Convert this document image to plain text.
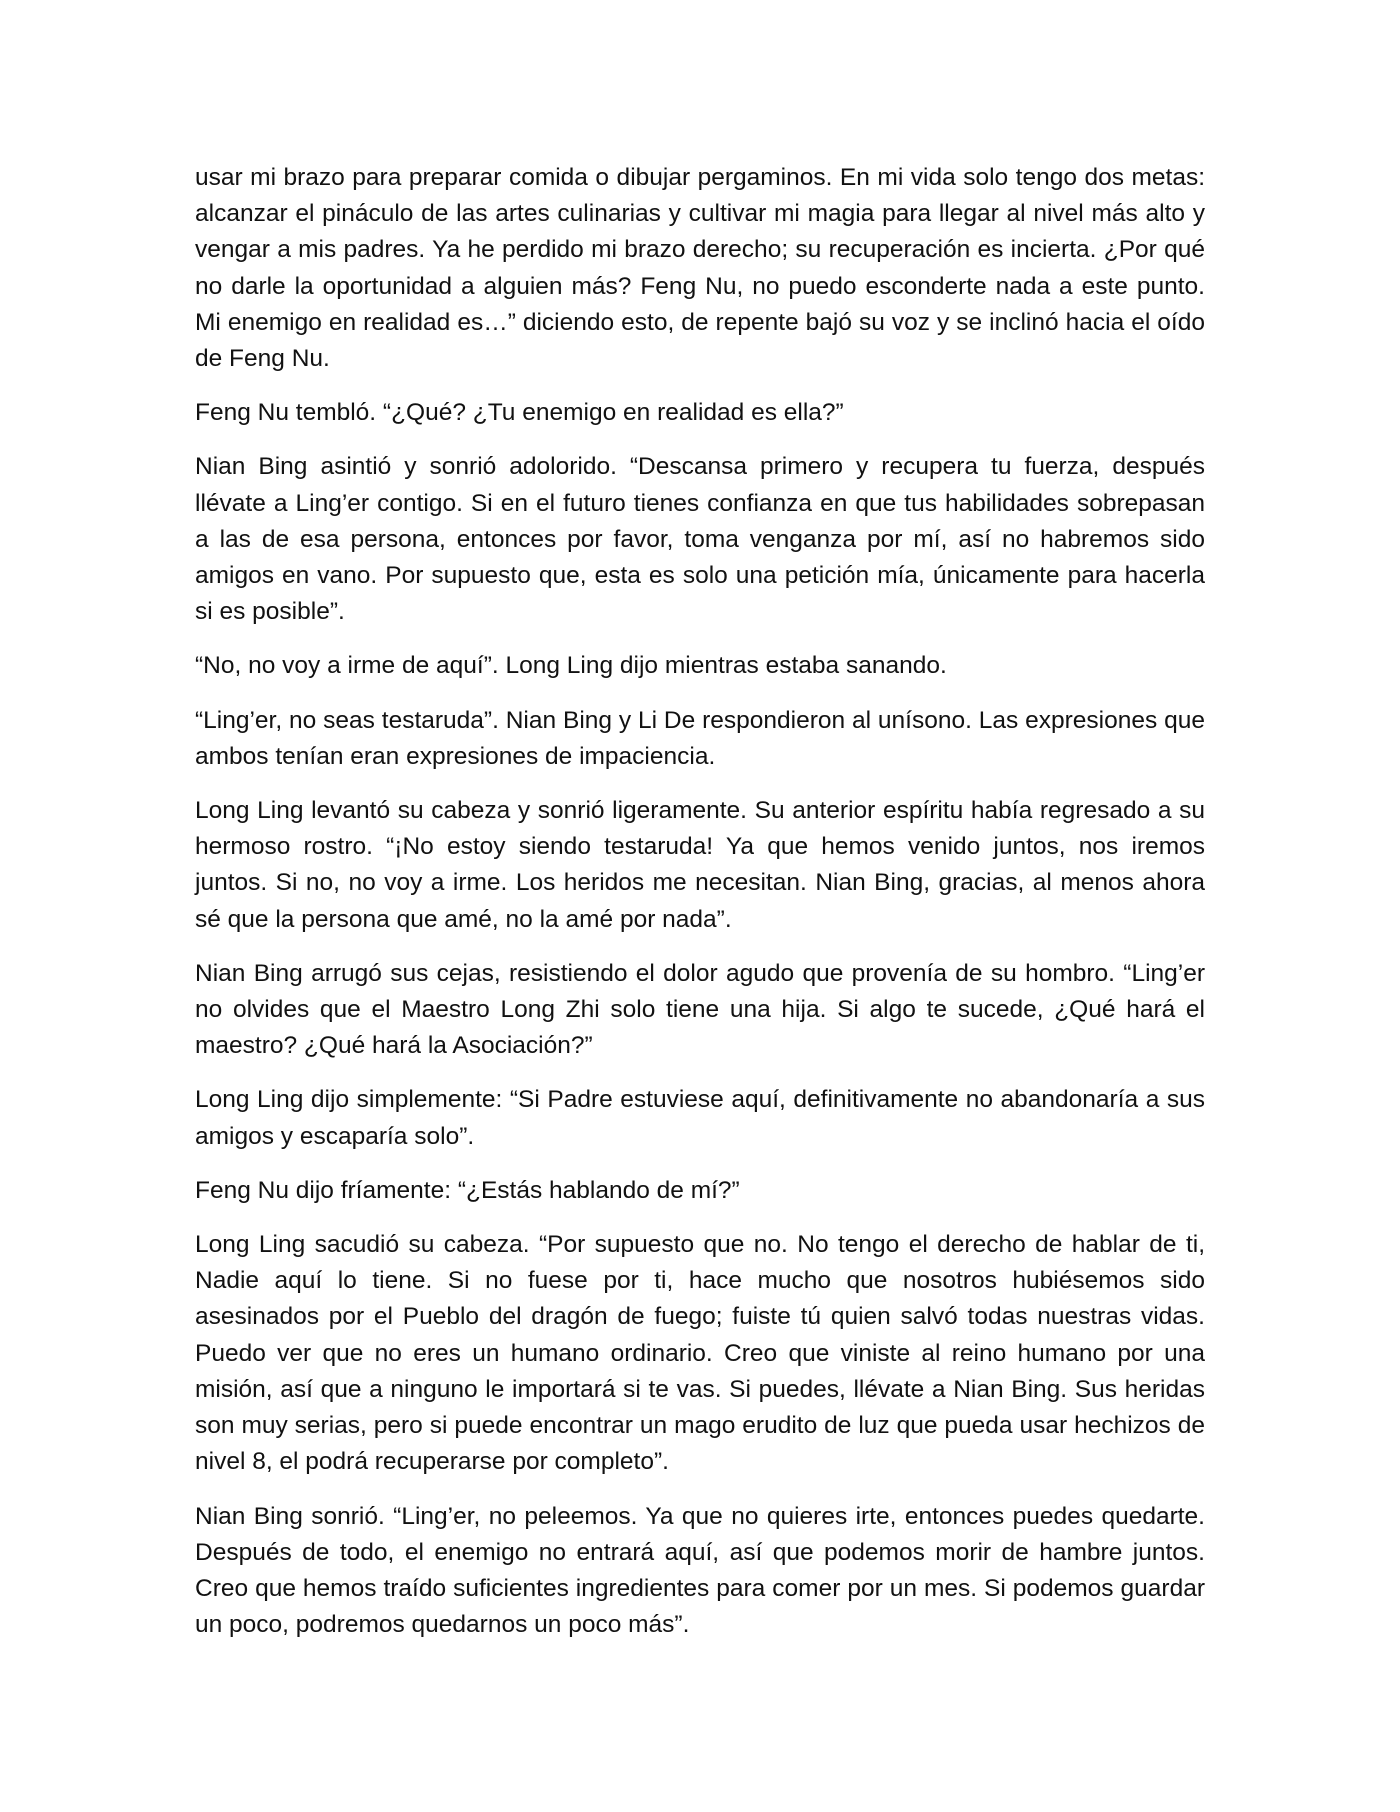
usar mi brazo para preparar comida o dibujar pergaminos. En mi vida solo tengo dos metas: alcanzar el pináculo de las artes culinarias y cultivar mi magia para llegar al nivel más alto y vengar a mis padres. Ya he perdido mi brazo derecho; su recuperación es incierta. ¿Por qué no darle la oportunidad a alguien más? Feng Nu, no puedo esconderte nada a este punto. Mi enemigo en realidad es…” diciendo esto, de repente bajó su voz y se inclinó hacia el oído de Feng Nu.

Feng Nu tembló. “¿Qué? ¿Tu enemigo en realidad es ella?”

Nian Bing asintió y sonrió adolorido. “Descansa primero y recupera tu fuerza, después llévate a Ling’er contigo. Si en el futuro tienes confianza en que tus habilidades sobrepasan a las de esa persona, entonces por favor, toma venganza por mí, así no habremos sido amigos en vano. Por supuesto que, esta es solo una petición mía, únicamente para hacerla si es posible”.

“No, no voy a irme de aquí”. Long Ling dijo mientras estaba sanando.

“Ling’er, no seas testaruda”. Nian Bing y Li De respondieron al unísono. Las expresiones que ambos tenían eran expresiones de impaciencia.

Long Ling levantó su cabeza y sonrió ligeramente. Su anterior espíritu había regresado a su hermoso rostro. “¡No estoy siendo testaruda! Ya que hemos venido juntos, nos iremos juntos. Si no, no voy a irme. Los heridos me necesitan. Nian Bing, gracias, al menos ahora sé que la persona que amé, no la amé por nada”.

Nian Bing arrugó sus cejas, resistiendo el dolor agudo que provenía de su hombro. “Ling’er no olvides que el Maestro Long Zhi solo tiene una hija. Si algo te sucede, ¿Qué hará el maestro? ¿Qué hará la Asociación?”

Long Ling dijo simplemente: “Si Padre estuviese aquí, definitivamente no abandonaría a sus amigos y escaparía solo”.

Feng Nu dijo fríamente: “¿Estás hablando de mí?”

Long Ling sacudió su cabeza. “Por supuesto que no. No tengo el derecho de hablar de ti, Nadie aquí lo tiene. Si no fuese por ti, hace mucho que nosotros hubiésemos sido asesinados por el Pueblo del dragón de fuego; fuiste tú quien salvó todas nuestras vidas. Puedo ver que no eres un humano ordinario. Creo que viniste al reino humano por una misión, así que a ninguno le importará si te vas. Si puedes, llévate a Nian Bing. Sus heridas son muy serias, pero si puede encontrar un mago erudito de luz que pueda usar hechizos de nivel 8, el podrá recuperarse por completo”.

Nian Bing sonrió. “Ling’er, no peleemos. Ya que no quieres irte, entonces puedes quedarte. Después de todo, el enemigo no entrará aquí, así que podemos morir de hambre juntos. Creo que hemos traído suficientes ingredientes para comer por un mes. Si podemos guardar un poco, podremos quedarnos un poco más”.
